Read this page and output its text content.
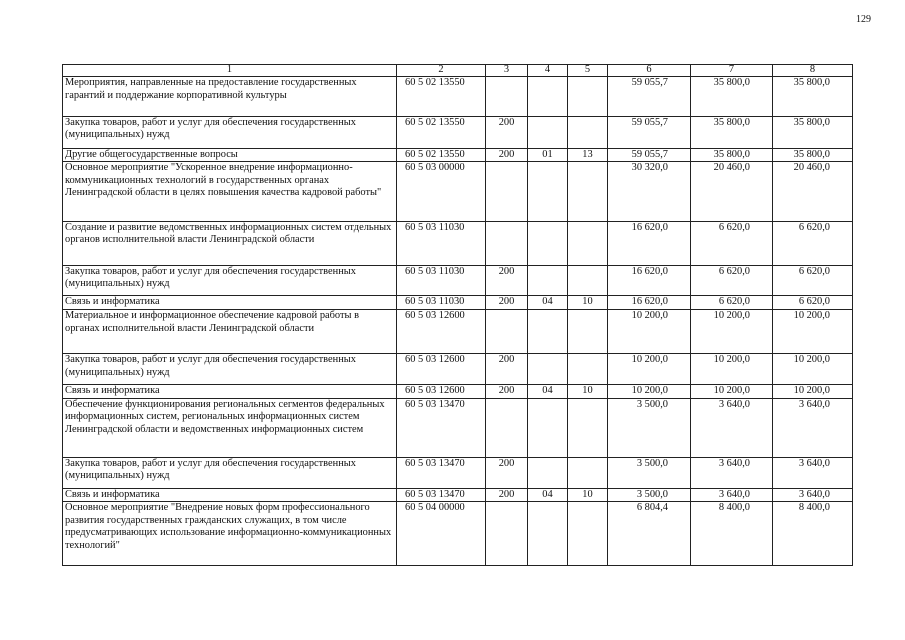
129
1	2	3	4	5	6	7	8
Мероприятия, направленные на предоставление государственных гарантий и поддержание корпоративной культуры	60 5 02 13550				59 055,7	35 800,0	35 800,0
Закупка товаров, работ и услуг для обеспечения государственных (муниципальных) нужд	60 5 02 13550	200			59 055,7	35 800,0	35 800,0
Другие общегосударственные вопросы	60 5 02 13550	200	01	13	59 055,7	35 800,0	35 800,0
Основное мероприятие "Ускоренное внедрение информационно-коммуникационных технологий в государственных органах Ленинградской области в целях повышения качества кадровой работы"	60 5 03 00000				30 320,0	20 460,0	20 460,0
Создание и развитие ведомственных информационных систем отдельных органов исполнительной власти Ленинградской области	60 5 03 11030				16 620,0	6 620,0	6 620,0
Закупка товаров, работ и услуг для обеспечения государственных (муниципальных) нужд	60 5 03 11030	200			16 620,0	6 620,0	6 620,0
Связь и информатика	60 5 03 11030	200	04	10	16 620,0	6 620,0	6 620,0
Материальное и информационное обеспечение кадровой работы в органах исполнительной власти Ленинградской области	60 5 03 12600				10 200,0	10 200,0	10 200,0
Закупка товаров, работ и услуг для обеспечения государственных (муниципальных) нужд	60 5 03 12600	200			10 200,0	10 200,0	10 200,0
Связь и информатика	60 5 03 12600	200	04	10	10 200,0	10 200,0	10 200,0
Обеспечение функционирования региональных сегментов федеральных информационных систем, региональных информационных систем Ленинградской области и ведомственных информационных систем	60 5 03 13470				3 500,0	3 640,0	3 640,0
Закупка товаров, работ и услуг для обеспечения государственных (муниципальных) нужд	60 5 03 13470	200			3 500,0	3 640,0	3 640,0
Связь и информатика	60 5 03 13470	200	04	10	3 500,0	3 640,0	3 640,0
Основное мероприятие "Внедрение новых форм профессионального развития государственных гражданских служащих, в том числе предусматривающих использование информационно-коммуникационных технологий"	60 5 04 00000				6 804,4	8 400,0	8 400,0
